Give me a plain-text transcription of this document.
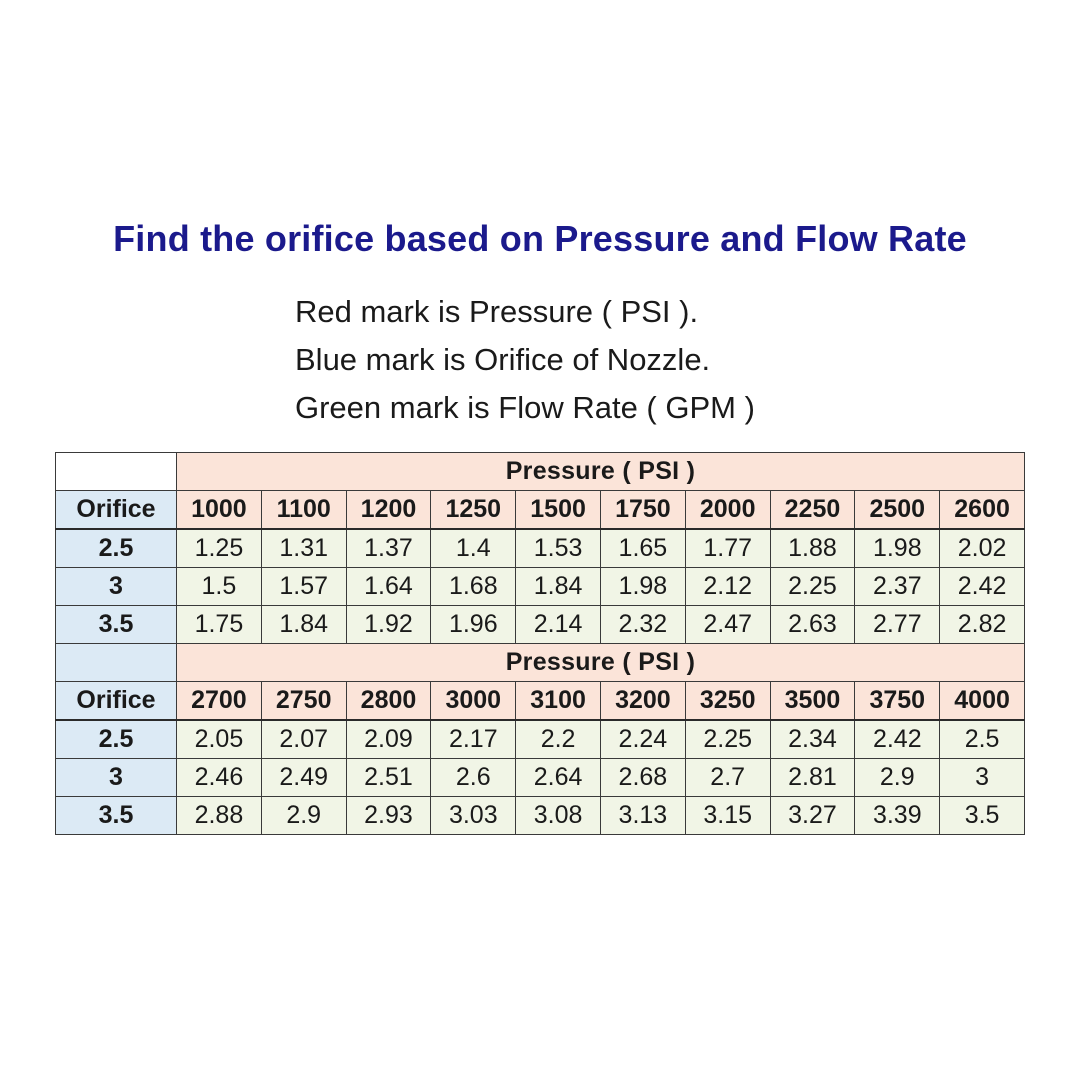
Find the orifice based on Pressure and Flow Rate
Red mark is Pressure ( PSI ).
Blue mark is Orifice of Nozzle.
Green mark is Flow Rate ( GPM )
	Pressure ( PSI )									
Orifice	1000	1100	1200	1250	1500	1750	2000	2250	2500	2600
2.5	1.25	1.31	1.37	1.4	1.53	1.65	1.77	1.88	1.98	2.02
3	1.5	1.57	1.64	1.68	1.84	1.98	2.12	2.25	2.37	2.42
3.5	1.75	1.84	1.92	1.96	2.14	2.32	2.47	2.63	2.77	2.82
	Pressure ( PSI )									
Orifice	2700	2750	2800	3000	3100	3200	3250	3500	3750	4000
2.5	2.05	2.07	2.09	2.17	2.2	2.24	2.25	2.34	2.42	2.5
3	2.46	2.49	2.51	2.6	2.64	2.68	2.7	2.81	2.9	3
3.5	2.88	2.9	2.93	3.03	3.08	3.13	3.15	3.27	3.39	3.5
